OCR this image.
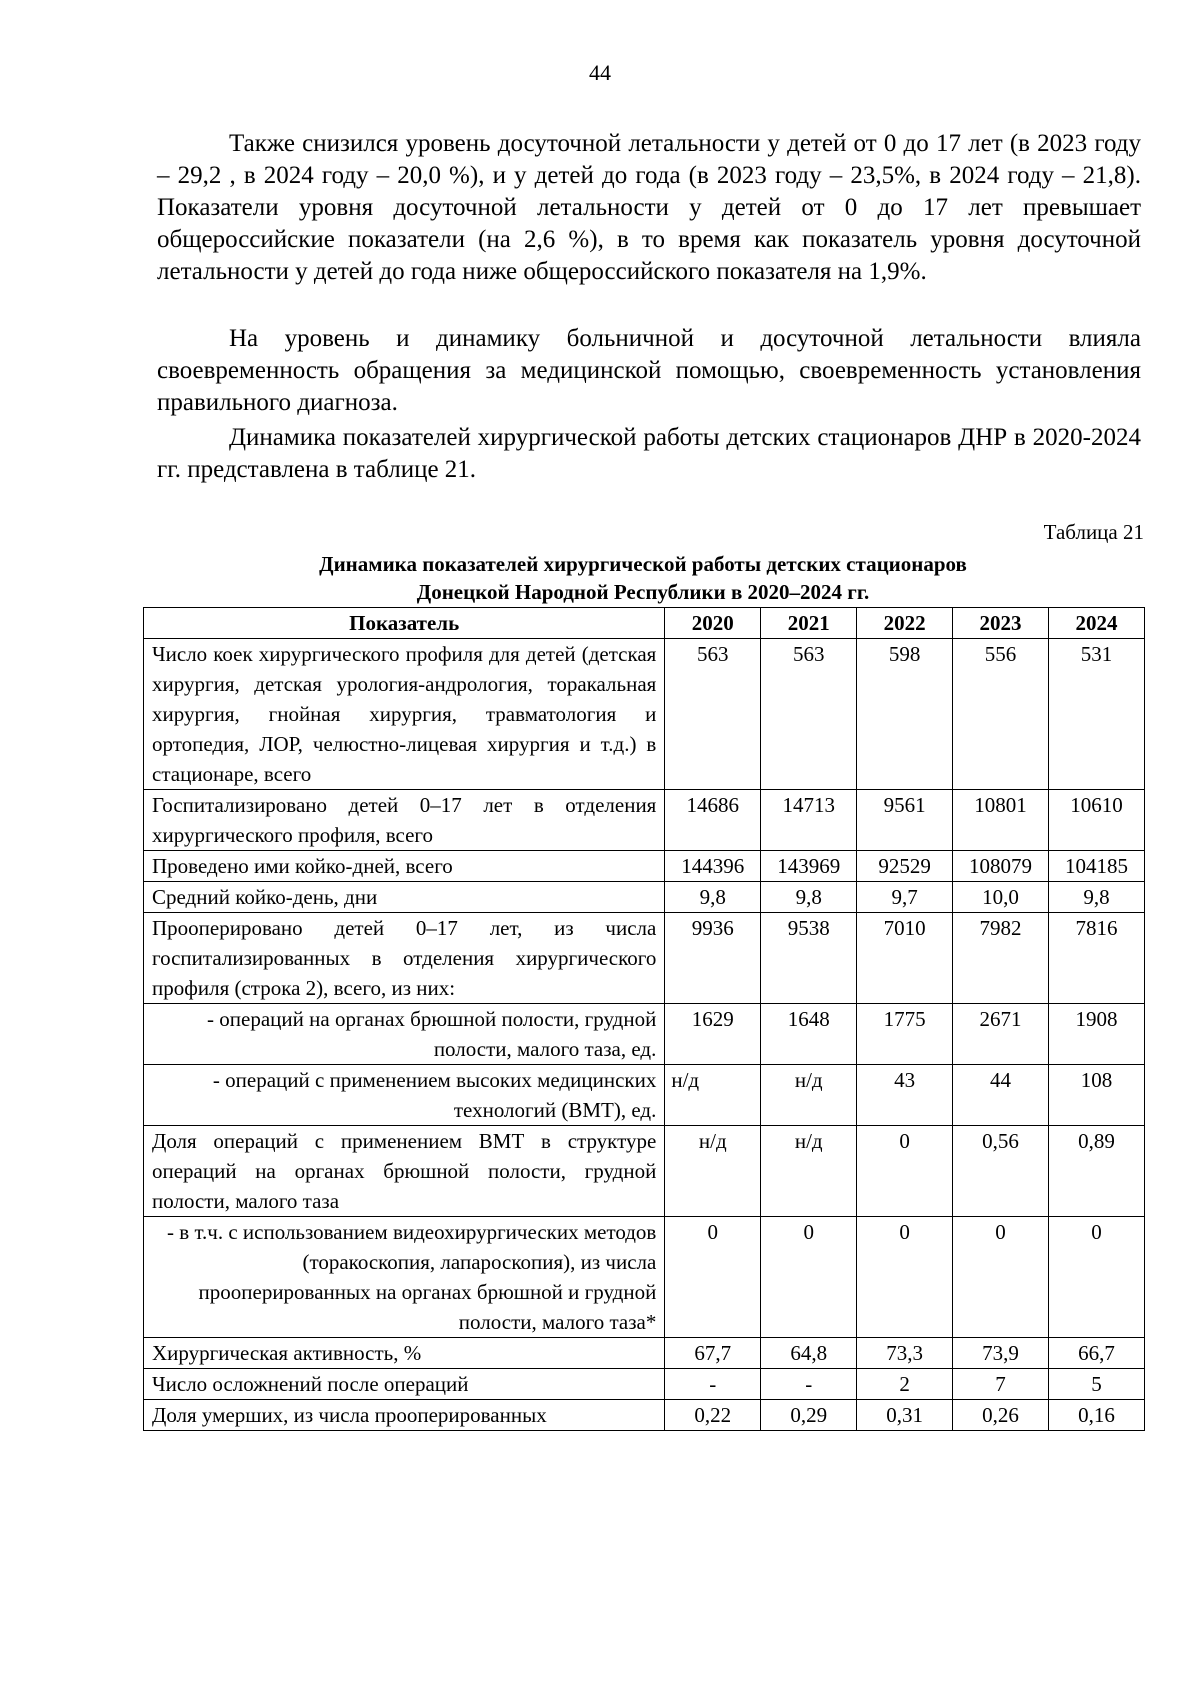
44

Также снизился уровень досуточной летальности у детей от 0 до 17 лет (в 2023 году – 29,2 , в 2024 году – 20,0 %), и у детей до года (в 2023 году – 23,5%, в 2024 году – 21,8). Показатели уровня досуточной летальности у детей от 0 до 17 лет превышает общероссийские показатели (на 2,6 %), в то время как показатель уровня досуточной летальности у детей до года ниже общероссийского показателя на 1,9%.

На уровень и динамику больничной и досуточной летальности влияла своевременность обращения за медицинской помощью, своевременность установления правильного диагноза.

Динамика показателей хирургической работы детских стационаров ДНР в 2020-2024 гг. представлена в таблице 21.

Таблица 21
Динамика показателей хирургической работы детских стационаров
Донецкой Народной Республики в 2020–2024 гг.
Показатель	2020	2021	2022	2023	2024
Число коек хирургического профиля для детей (детская хирургия, детская урология-андрология, торакальная хирургия, гнойная хирургия, травматология и ортопедия, ЛОР, челюстно-лицевая хирургия и т.д.) в стационаре, всего	563	563	598	556	531
Госпитализировано детей 0–17 лет в отделения хирургического профиля, всего	14686	14713	9561	10801	10610
Проведено ими койко-дней, всего	144396	143969	92529	108079	104185
Средний койко-день, дни	9,8	9,8	9,7	10,0	9,8
Прооперировано детей 0–17 лет, из числа госпитализированных в отделения хирургического профиля (строка 2), всего, из них:	9936	9538	7010	7982	7816
- операций на органах брюшной полости, грудной полости, малого таза, ед.	1629	1648	1775	2671	1908
- операций с применением высоких медицинских технологий (ВМТ), ед.	н/д	н/д	43	44	108
Доля операций с применением ВМТ в структуре операций на органах брюшной полости, грудной полости, малого таза	н/д	н/д	0	0,56	0,89
- в т.ч. с использованием видеохирургических методов (торакоскопия, лапароскопия), из числа прооперированных на органах брюшной и грудной полости, малого таза*	0	0	0	0	0
Хирургическая активность, %	67,7	64,8	73,3	73,9	66,7
Число осложнений после операций	-	-	2	7	5
Доля умерших, из числа прооперированных	0,22	0,29	0,31	0,26	0,16
